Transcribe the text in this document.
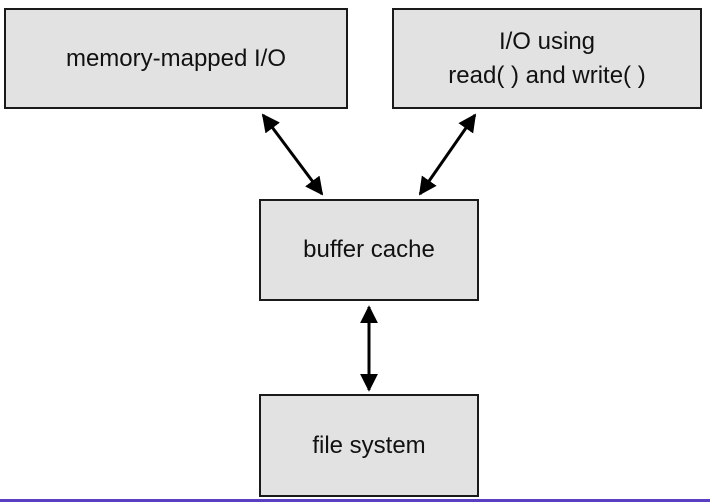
memory-mapped I/O
I/O using
read( ) and write( )
buffer cache
file system
